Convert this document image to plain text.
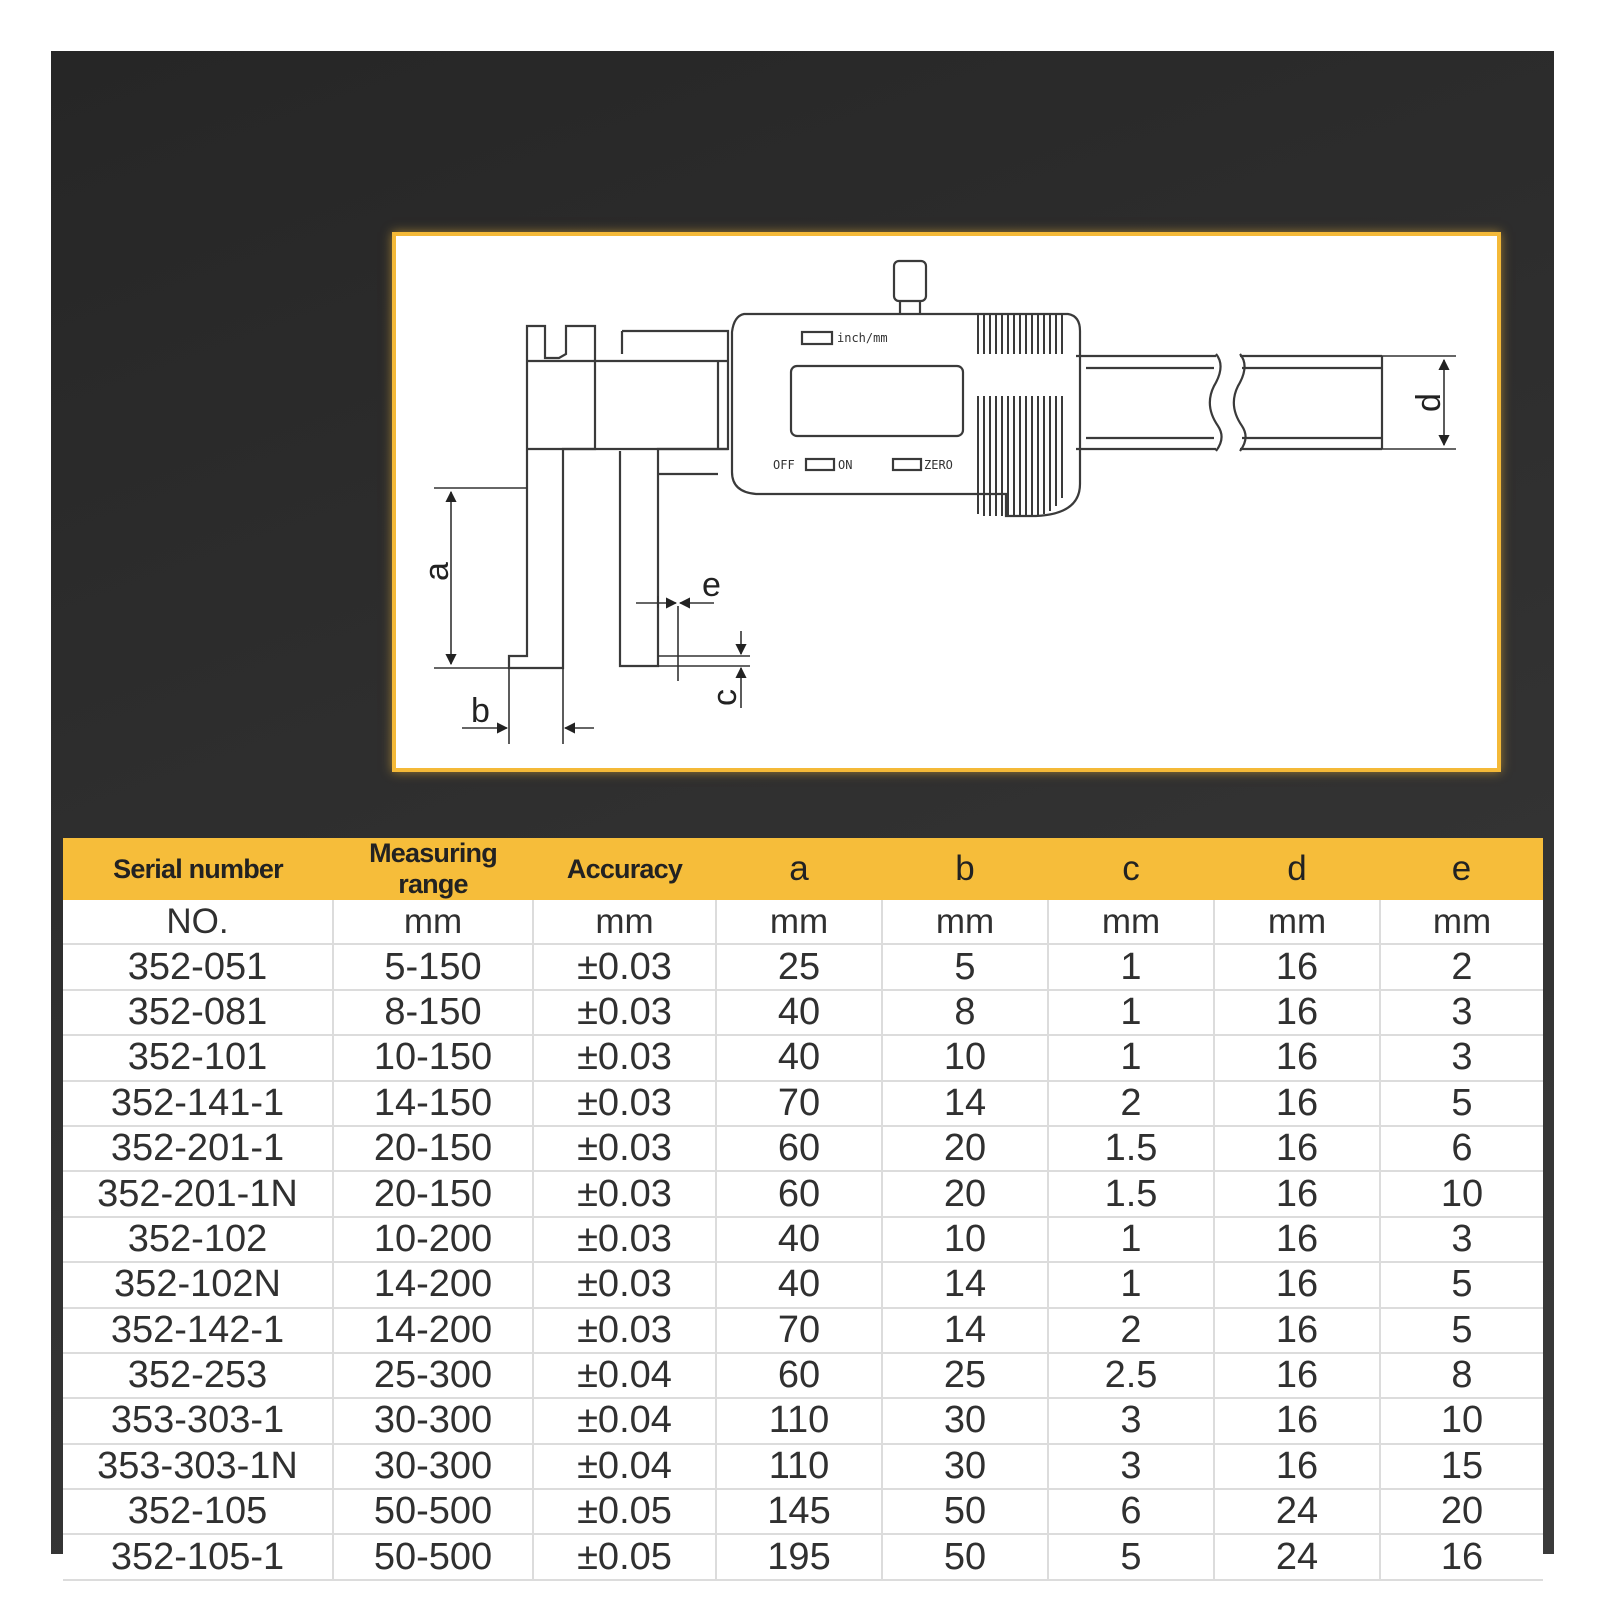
inch/mm
OFF	ON	ZERO
a
b	c
d
e
Serial number	Measuring range	Accuracy	a	b	c	d	e
NO.	mm	mm	mm	mm	mm	mm	mm
352-051	5-150	±0.03	25	5	1	16	2
352-081	8-150	±0.03	40	8	1	16	3
352-101	10-150	±0.03	40	10	1	16	3
352-141-1	14-150	±0.03	70	14	2	16	5
352-201-1	20-150	±0.03	60	20	1.5	16	6
352-201-1N	20-150	±0.03	60	20	1.5	16	10
352-102	10-200	±0.03	40	10	1	16	3
352-102N	14-200	±0.03	40	14	1	16	5
352-142-1	14-200	±0.03	70	14	2	16	5
352-253	25-300	±0.04	60	25	2.5	16	8
353-303-1	30-300	±0.04	110	30	3	16	10
353-303-1N	30-300	±0.04	110	30	3	16	15
352-105	50-500	±0.05	145	50	6	24	20
352-105-1	50-500	±0.05	195	50	5	24	16
